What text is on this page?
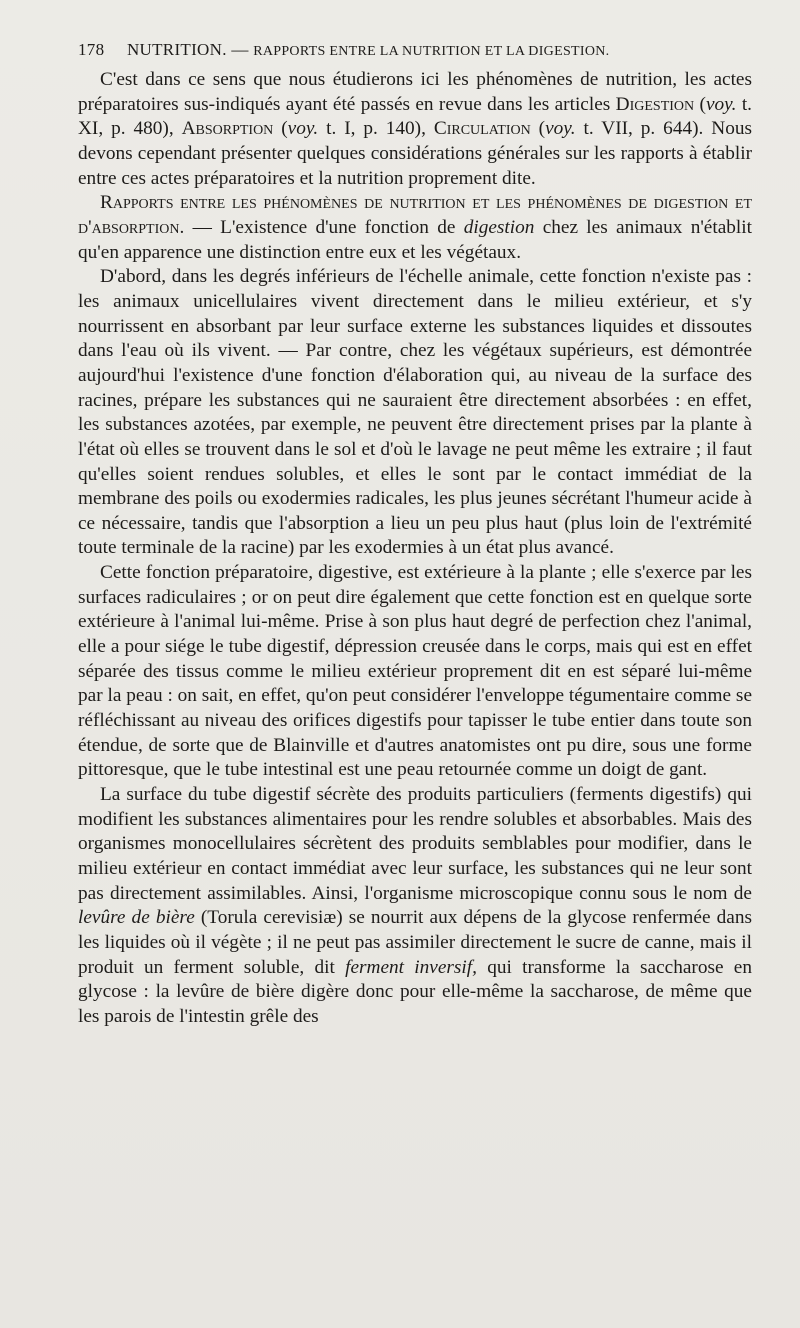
178 NUTRITION. — RAPPORTS ENTRE LA NUTRITION ET LA DIGESTION.

C'est dans ce sens que nous étudierons ici les phénomènes de nutrition, les actes préparatoires sus-indiqués ayant été passés en revue dans les articles Digestion (voy. t. XI, p. 480), Absorption (voy. t. I, p. 140), Circulation (voy. t. VII, p. 644). Nous devons cependant présenter quelques considérations générales sur les rapports à établir entre ces actes préparatoires et la nutrition proprement dite.

Rapports entre les phénomènes de nutrition et les phénomènes de digestion et d'absorption. — L'existence d'une fonction de digestion chez les animaux n'établit qu'en apparence une distinction entre eux et les végétaux.

D'abord, dans les degrés inférieurs de l'échelle animale, cette fonction n'existe pas : les animaux unicellulaires vivent directement dans le milieu extérieur, et s'y nourrissent en absorbant par leur surface externe les substances liquides et dissoutes dans l'eau où ils vivent. — Par contre, chez les végétaux supérieurs, est démontrée aujourd'hui l'existence d'une fonction d'élaboration qui, au niveau de la surface des racines, prépare les substances qui ne sauraient être directement absorbées : en effet, les substances azotées, par exemple, ne peuvent être directement prises par la plante à l'état où elles se trouvent dans le sol et d'où le lavage ne peut même les extraire ; il faut qu'elles soient rendues solubles, et elles le sont par le contact immédiat de la membrane des poils ou exodermies radicales, les plus jeunes sécrétant l'humeur acide à ce nécessaire, tandis que l'absorption a lieu un peu plus haut (plus loin de l'extrémité toute terminale de la racine) par les exodermies à un état plus avancé.

Cette fonction préparatoire, digestive, est extérieure à la plante ; elle s'exerce par les surfaces radiculaires ; or on peut dire également que cette fonction est en quelque sorte extérieure à l'animal lui-même. Prise à son plus haut degré de perfection chez l'animal, elle a pour siége le tube digestif, dépression creusée dans le corps, mais qui est en effet séparée des tissus comme le milieu extérieur proprement dit en est séparé lui-même par la peau : on sait, en effet, qu'on peut considérer l'enveloppe tégumentaire comme se réfléchissant au niveau des orifices digestifs pour tapisser le tube entier dans toute son étendue, de sorte que de Blainville et d'autres anatomistes ont pu dire, sous une forme pittoresque, que le tube intestinal est une peau retournée comme un doigt de gant.

La surface du tube digestif sécrète des produits particuliers (ferments digestifs) qui modifient les substances alimentaires pour les rendre solubles et absorbables. Mais des organismes monocellulaires sécrètent des produits semblables pour modifier, dans le milieu extérieur en contact immédiat avec leur surface, les substances qui ne leur sont pas directement assimilables. Ainsi, l'organisme microscopique connu sous le nom de levûre de bière (Torula cerevisiæ) se nourrit aux dépens de la glycose renfermée dans les liquides où il végète ; il ne peut pas assimiler directement le sucre de canne, mais il produit un ferment soluble, dit ferment inversif, qui transforme la saccharose en glycose : la levûre de bière digère donc pour elle-même la saccharose, de même que les parois de l'intestin grêle des
